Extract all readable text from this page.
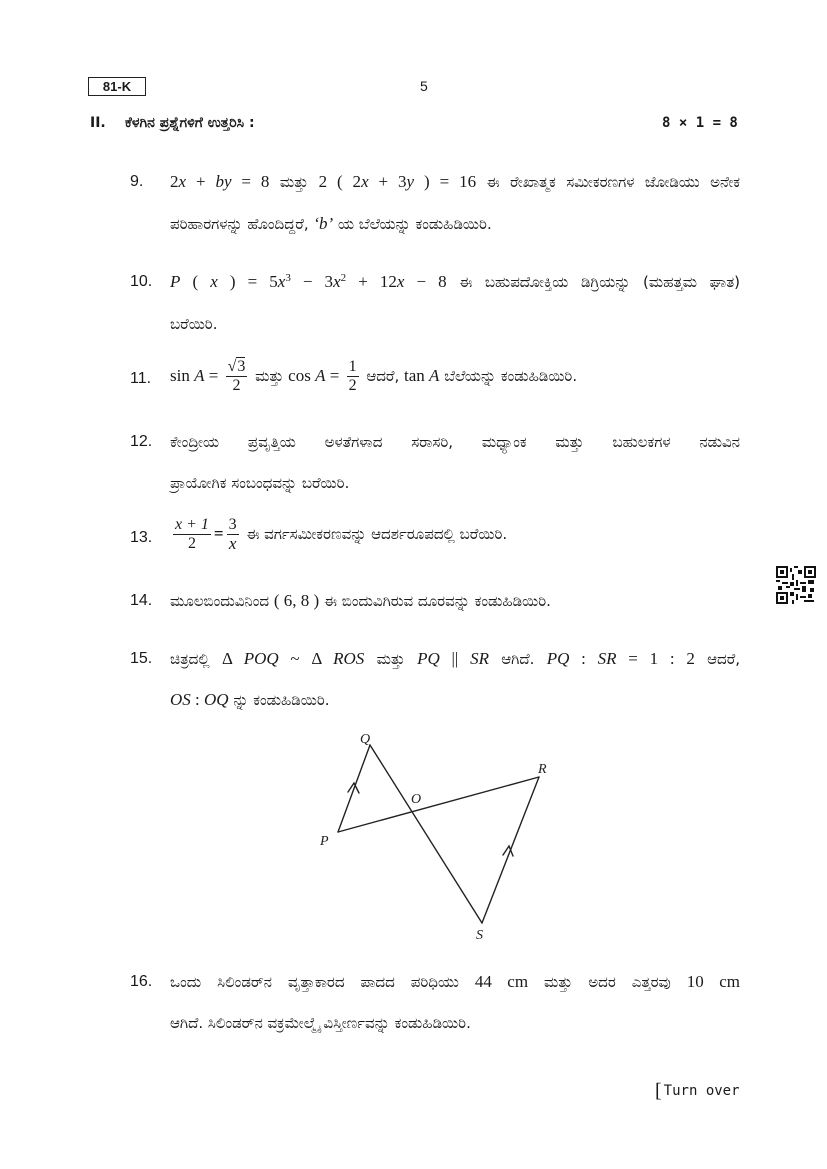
81-K	5
II. ಕೆಳಗಿನ ಪ್ರಶ್ನೆಗಳಿಗೆ ಉತ್ತರಿಸಿ :	8 × 1 = 8
9. 2x + by = 8 ಮತ್ತು 2 ( 2x + 3y ) = 16 ಈ ರೇಖಾತ್ಮಕ ಸಮೀಕರಣಗಳ ಜೋಡಿಯು ಅನೇಕ
ಪರಿಹಾರಗಳನ್ನು ಹೊಂದಿದ್ದರೆ, ‘b’ ಯ ಬೆಲೆಯನ್ನು ಕಂಡುಹಿಡಿಯಿರಿ.
10. P ( x ) = $5x^3 - 3x^2 + 12x - 8$ ಈ ಬಹುಪದೋಕ್ತಿಯ ಡಿಗ್ರಿಯನ್ನು (ಮಹತ್ತಮ ಘಾತ)
ಬರೆಯಿರಿ.
11. $\sin A = \frac{√3}{2}$ ಮತ್ತು $\cos A = \frac{1}{2}$ ಆದರೆ, tan A ಬೆಲೆಯನ್ನು ಕಂಡುಹಿಡಿಯಿರಿ.
12. ಕೇಂದ್ರೀಯ ಪ್ರವೃತ್ತಿಯ ಅಳತೆಗಳಾದ ಸರಾಸರಿ, ಮಧ್ಯಾಂಕ ಮತ್ತು ಬಹುಲಕಗಳ ನಡುವಿನ
ಪ್ರಾಯೋಗಿಕ ಸಂಬಂಧವನ್ನು ಬರೆಯಿರಿ.
13. $\frac{x + 1}{2} = \frac{3}{x}$ ಈ ವರ್ಗಸಮೀಕರಣವನ್ನು ಆದರ್ಶರೂಪದಲ್ಲಿ ಬರೆಯಿರಿ.
14. ಮೂಲಬಿಂದುವಿನಿಂದ ( 6, 8 ) ಈ ಬಿಂದುವಿಗಿರುವ ದೂರವನ್ನು ಕಂಡುಹಿಡಿಯಿರಿ.
15. ಚಿತ್ರದಲ್ಲಿ Δ POQ ~ Δ ROS ಮತ್ತು PQ || SR ಆಗಿದೆ. PQ : SR = 1 : 2 ಆದರೆ,
OS : OQ ನ್ನು ಕಂಡುಹಿಡಿಯಿರಿ.
Q
R
O
P
S
16. ಒಂದು ಸಿಲಿಂಡರ್‌ನ ವೃತ್ತಾಕಾರದ ಪಾದದ ಪರಿಧಿಯು 44 cm ಮತ್ತು ಅದರ ಎತ್ತರವು 10 cm
ಆಗಿದೆ. ಸಿಲಿಂಡರ್‌ನ ವಕ್ರಮೇಲ್ಮೈ ವಿಸ್ತೀರ್ಣವನ್ನು ಕಂಡುಹಿಡಿಯಿರಿ.
[ Turn over
